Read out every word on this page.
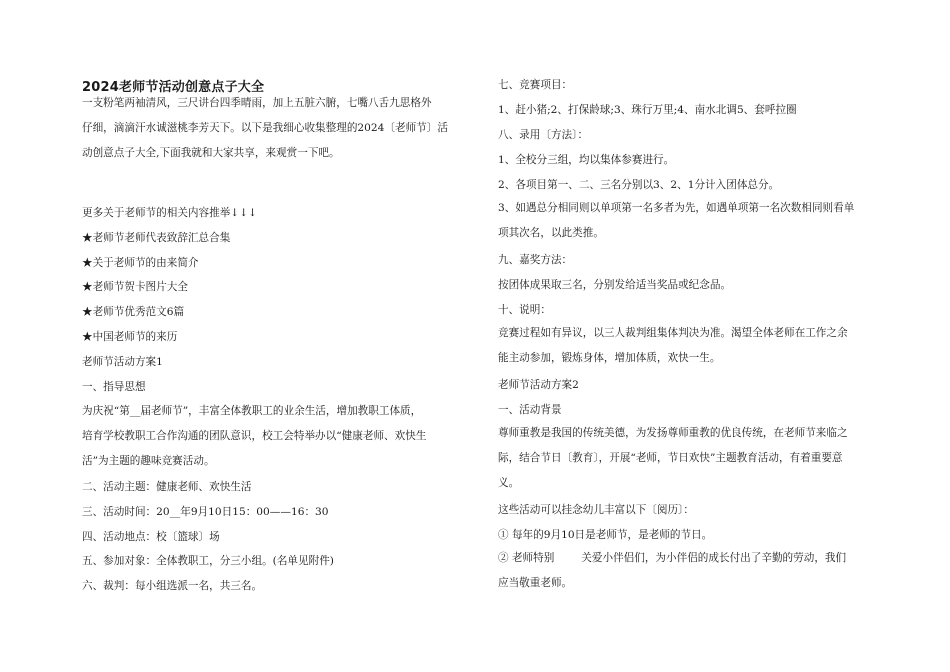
2024老师节活动创意点子大全
一支粉笔两袖清风，三尺讲台四季晴雨，加上五脏六腑，七嘴八舌九思格外
仔细，滴滴汗水诚滋桃李芳天下。以下是我细心收集整理的2024〔老师节〕活
动创意点子大全,下面我就和大家共享，来观赏一下吧。
更多关于老师节的相关内容推举↓↓↓
★老师节老师代表致辞汇总合集
★关于老师节的由来简介
★老师节贺卡图片大全
★老师节优秀范文6篇
★中国老师节的来历
老师节活动方案1
一、指导思想
为庆祝“第__届老师节”，丰富全体教职工的业余生活，增加教职工体质，
培育学校教职工合作沟通的团队意识，校工会特举办以“健康老师、欢快生
活”为主题的趣味竞赛活动。
二、活动主题：健康老师、欢快生活
三、活动时间：20__年9月10日15：00——16：30
四、活动地点：校〔篮球〕场
五、参加对象：全体教职工，分三小组。(名单见附件)
六、裁判：每小组选派一名，共三名。
七、竞赛项目：
1、赶小猪;2、打保龄球;3、珠行万里;4、南水北调5、套呼拉圈
八、录用〔方法〕：
1、全校分三组，均以集体参赛进行。
2、各项目第一、二、三名分别以3、2、1分计入团体总分。
3、如遇总分相同则以单项第一名多者为先，如遇单项第一名次数相同则看单
项其次名，以此类推。
九、嘉奖方法：
按团体成果取三名，分别发给适当奖品或纪念品。
十、说明：
竞赛过程如有异议，以三人裁判组集体判决为准。渴望全体老师在工作之余
能主动参加，锻炼身体，增加体质，欢快一生。
老师节活动方案2
一、活动背景
尊师重教是我国的传统美德，为发扬尊师重教的优良传统，在老师节来临之
际，结合节日〔教育〕，开展“老师，节日欢快”主题教育活动，有着重要意
义。
这些活动可以挂念幼儿丰富以下〔阅历〕：
① 每年的9月10日是老师节，是老师的节日。
② 老师特别        关爱小伴侣们，为小伴侣的成长付出了辛勤的劳动，我们
应当敬重老师。
